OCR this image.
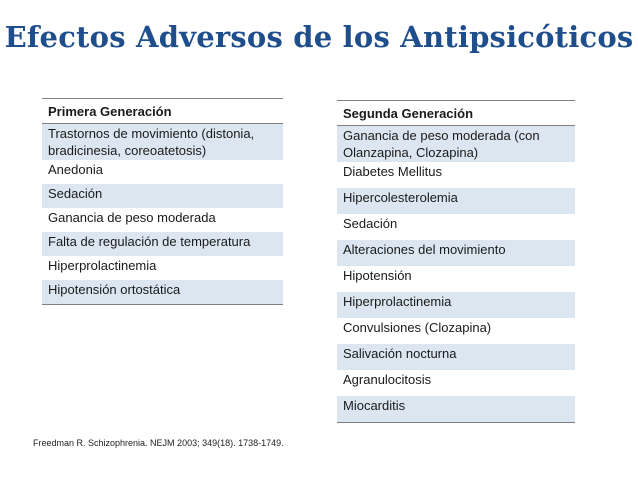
Efectos Adversos de los Antipsicóticos
Primera Generación
Trastornos de movimiento (distonia, bradicinesia, coreoatetosis)
Anedonia
Sedación
Ganancia de peso moderada
Falta de regulación de temperatura
Hiperprolactinemia
Hipotensión ortostática
Segunda Generación
Ganancia de peso moderada (con Olanzapina, Clozapina)
Diabetes Mellitus
Hipercolesterolemia
Sedación
Alteraciones del movimiento
Hipotensión
Hiperprolactinemia
Convulsiones (Clozapina)
Salivación nocturna
Agranulocitosis
Miocarditis
Freedman R. Schizophrenia. NEJM 2003; 349(18). 1738-1749.
